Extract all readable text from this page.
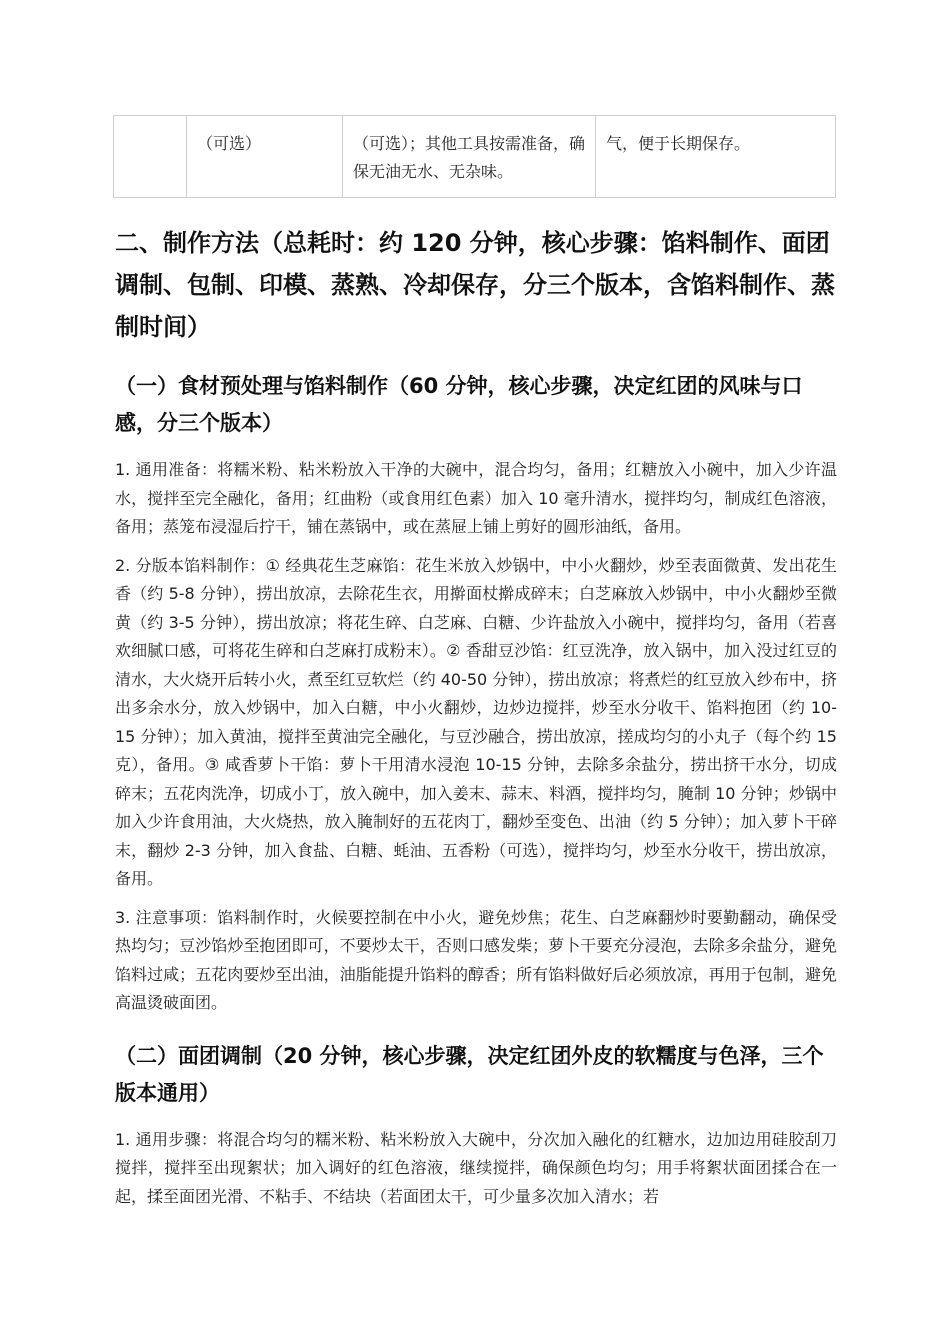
	（可选）	（可选）；其他工具按需准备，确保无油无水、无杂味。	气，便于长期保存。
二、制作方法（总耗时：约 120 分钟，核心步骤：馅料制作、面团调制、包制、印模、蒸熟、冷却保存，分三个版本，含馅料制作、蒸制时间）
（一）食材预处理与馅料制作（60 分钟，核心步骤，决定红团的风味与口感，分三个版本）

1. 通用准备：将糯米粉、粘米粉放入干净的大碗中，混合均匀，备用；红糖放入小碗中，加入少许温水，搅拌至完全融化，备用；红曲粉（或食用红色素）加入 10 毫升清水，搅拌均匀，制成红色溶液，备用；蒸笼布浸湿后拧干，铺在蒸锅中，或在蒸屉上铺上剪好的圆形油纸，备用。

2. 分版本馅料制作：① 经典花生芝麻馅：花生米放入炒锅中，中小火翻炒，炒至表面微黄、发出花生香（约 5-8 分钟），捞出放凉，去除花生衣，用擀面杖擀成碎末；白芝麻放入炒锅中，中小火翻炒至微黄（约 3-5 分钟），捞出放凉；将花生碎、白芝麻、白糖、少许盐放入小碗中，搅拌均匀，备用（若喜欢细腻口感，可将花生碎和白芝麻打成粉末）。② 香甜豆沙馅：红豆洗净，放入锅中，加入没过红豆的清水，大火烧开后转小火，煮至红豆软烂（约 40-50 分钟），捞出放凉；将煮烂的红豆放入纱布中，挤出多余水分，放入炒锅中，加入白糖，中小火翻炒，边炒边搅拌，炒至水分收干、馅料抱团（约 10-15 分钟）；加入黄油，搅拌至黄油完全融化，与豆沙融合，捞出放凉，搓成均匀的小丸子（每个约 15 克），备用。③ 咸香萝卜干馅：萝卜干用清水浸泡 10-15 分钟，去除多余盐分，捞出挤干水分，切成碎末；五花肉洗净，切成小丁，放入碗中，加入姜末、蒜末、料酒，搅拌均匀，腌制 10 分钟；炒锅中加入少许食用油，大火烧热，放入腌制好的五花肉丁，翻炒至变色、出油（约 5 分钟）；加入萝卜干碎末，翻炒 2-3 分钟，加入食盐、白糖、蚝油、五香粉（可选），搅拌均匀，炒至水分收干，捞出放凉，备用。

3. 注意事项：馅料制作时，火候要控制在中小火，避免炒焦；花生、白芝麻翻炒时要勤翻动，确保受热均匀；豆沙馅炒至抱团即可，不要炒太干，否则口感发柴；萝卜干要充分浸泡，去除多余盐分，避免馅料过咸；五花肉要炒至出油，油脂能提升馅料的醇香；所有馅料做好后必须放凉，再用于包制，避免高温烫破面团。

（二）面团调制（20 分钟，核心步骤，决定红团外皮的软糯度与色泽，三个版本通用）

1. 通用步骤：将混合均匀的糯米粉、粘米粉放入大碗中，分次加入融化的红糖水，边加边用硅胶刮刀搅拌，搅拌至出现絮状；加入调好的红色溶液，继续搅拌，确保颜色均匀；用手将絮状面团揉合在一起，揉至面团光滑、不粘手、不结块（若面团太干，可少量多次加入清水；若
